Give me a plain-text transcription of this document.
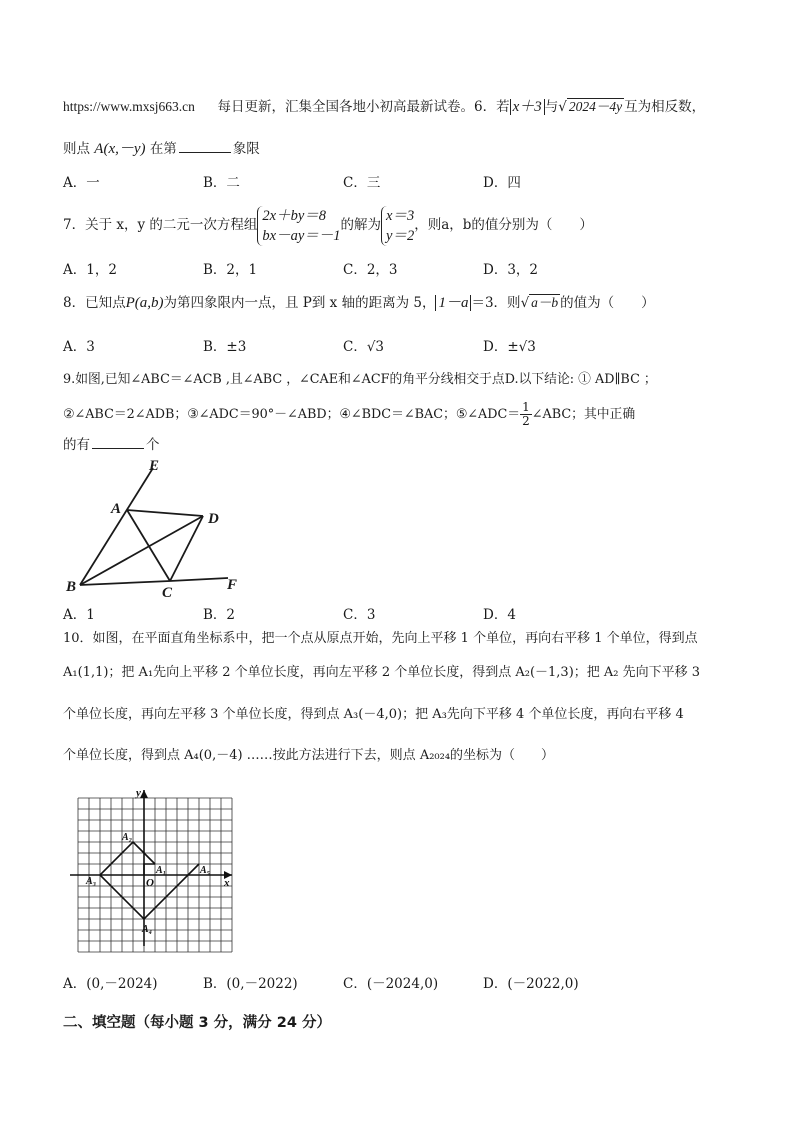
https://www.mxsj663.cn 每日更新，汇集全国各地小初高最新试卷。6．若 x＋3 与√ 2024－4y 互为相反数，
则点 A(x,－y) 在第	象限
A．一	B．二	C．三	D．四
7．关于 x，y 的二元一次方程组
2x＋by＝8
bx－ay＝－1
的解为
x＝3
y＝2
，则a，b的值分别为（　　）
A．1，2	B．2，1	C．2，3	D．3，2
8．已知点P(a,b)为第四象限内一点，且 P到 x 轴的距离为 5， 1－a ＝3．则√ a－b 的值为（　　）
A．3	B．±3	C．√3	D．±√3
9.如图,已知∠ABC＝∠ACB ,且∠ABC ，∠CAE和∠ACF的角平分线相交于点D.以下结论: ① AD∥BC ；
②∠ABC＝2∠ADB；③∠ADC＝90°－∠ABD；④∠BDC＝∠BAC；⑤∠ADC＝ $\frac{1}{2}$ ∠ABC；其中正确
的有	个
E
A
D
B	C	F
A．1	B．2	C．3	D．4
10．如图，在平面直角坐标系中，把一个点从原点开始，先向上平移 1 个单位，再向右平移 1 个单位，得到点
A₁(1,1)；把 A₁先向上平移 2 个单位长度，再向左平移 2 个单位长度，得到点 A₂(－1,3)；把 A₂ 先向下平移 3
个单位长度，再向左平移 3 个单位长度，得到点 A₃(－4,0)；把 A₃先向下平移 4 个单位长度，再向右平移 4
个单位长度，得到点 A₄(0,－4) ……按此方法进行下去，则点 A₂₀₂₄的坐标为（　　）
y
x
O
A₁
A₂
A₃
A₄
A₅
A．(0,－2024)	B．(0,－2022)	C．(－2024,0)	D．(－2022,0)
二、填空题（每小题 3 分，满分 24 分）
